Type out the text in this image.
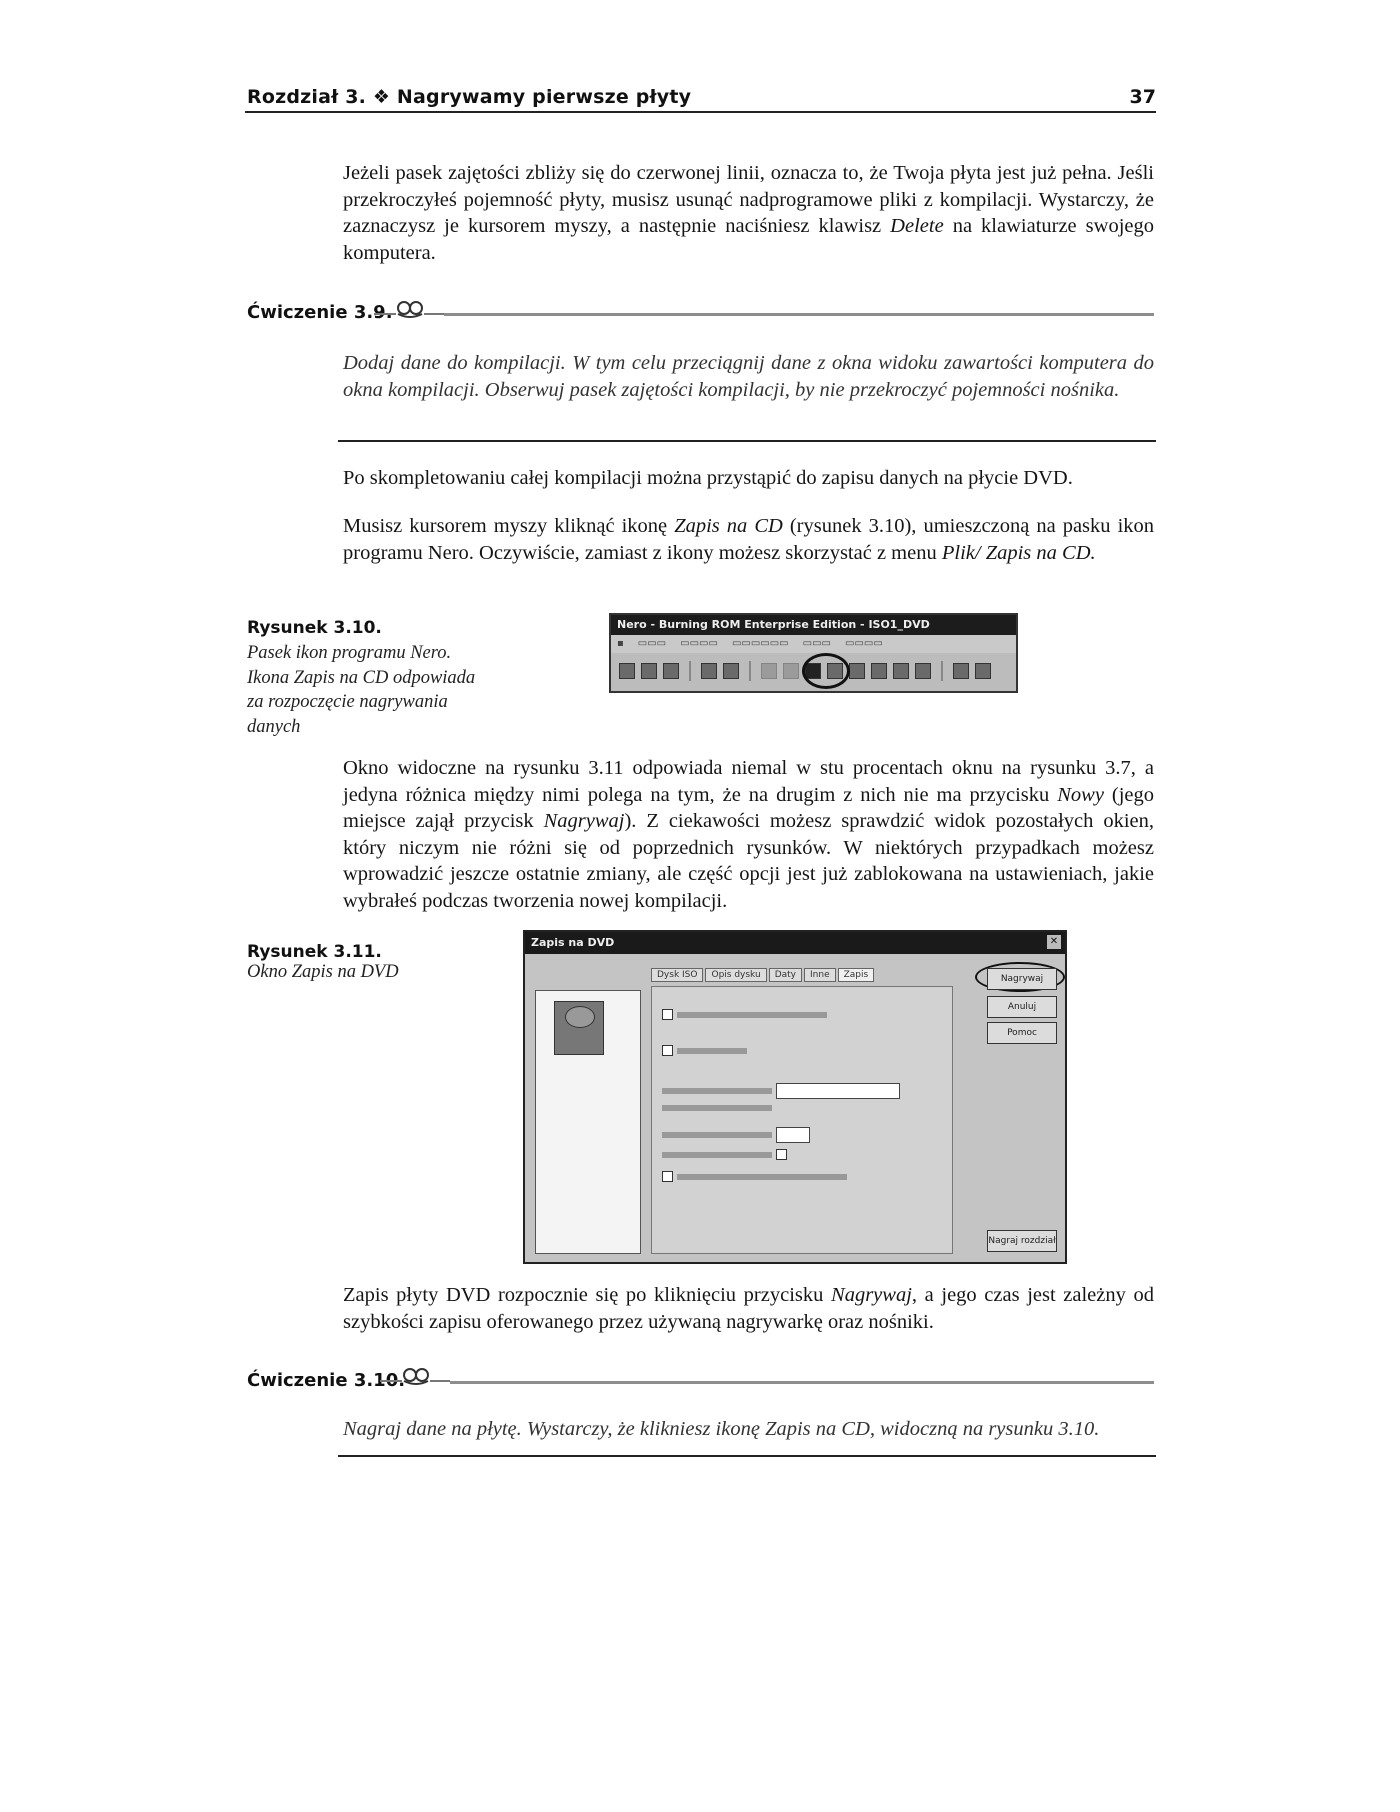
Rozdział 3. ❖ Nagrywamy pierwsze płyty	37
Jeżeli pasek zajętości zbliży się do czerwonej linii, oznacza to, że Twoja płyta jest już pełna. Jeśli przekroczyłeś pojemność płyty, musisz usunąć nadprogramowe pliki z kompilacji. Wystarczy, że zaznaczysz je kursorem myszy, a następnie naciśniesz klawisz Delete na klawiaturze swojego komputera.
Ćwiczenie 3.9.
Dodaj dane do kompilacji. W tym celu przeciągnij dane z okna widoku zawartości komputera do okna kompilacji. Obserwuj pasek zajętości kompilacji, by nie przekroczyć pojemności nośnika.
Po skompletowaniu całej kompilacji można przystąpić do zapisu danych na płycie DVD.
Musisz kursorem myszy kliknąć ikonę Zapis na CD (rysunek 3.10), umieszczoną na pasku ikon programu Nero. Oczywiście, zamiast z ikony możesz skorzystać z menu Plik/ Zapis na CD.
Rysunek 3.10.
Pasek ikon programu Nero. Ikona Zapis na CD odpowiada za rozpoczęcie nagrywania danych
Nero - Burning ROM Enterprise Edition - ISO1_DVD
▪ ▭▭▭ ▭▭▭▭ ▭▭▭▭▭▭ ▭▭▭ ▭▭▭▭
Okno widoczne na rysunku 3.11 odpowiada niemal w stu procentach oknu na rysunku 3.7, a jedyna różnica między nimi polega na tym, że na drugim z nich nie ma przycisku Nowy (jego miejsce zajął przycisk Nagrywaj). Z ciekawości możesz sprawdzić widok pozostałych okien, który niczym nie różni się od poprzednich rysunków. W niektórych przypadkach możesz wprowadzić jeszcze ostatnie zmiany, ale część opcji jest już zablokowana na ustawieniach, jakie wybrałeś podczas tworzenia nowej kompilacji.
Rysunek 3.11.
Okno Zapis na DVD
Zapis na DVD	✕
Dysk ISO	Opis dysku	Daty	Inne	Zapis	Nagrywaj
Anuluj
Pomoc
Nagraj rozdział
Zapis płyty DVD rozpocznie się po kliknięciu przycisku Nagrywaj, a jego czas jest zależny od szybkości zapisu oferowanego przez używaną nagrywarkę oraz nośniki.
Ćwiczenie 3.10.
Nagraj dane na płytę. Wystarczy, że klikniesz ikonę Zapis na CD, widoczną na rysunku 3.10.
